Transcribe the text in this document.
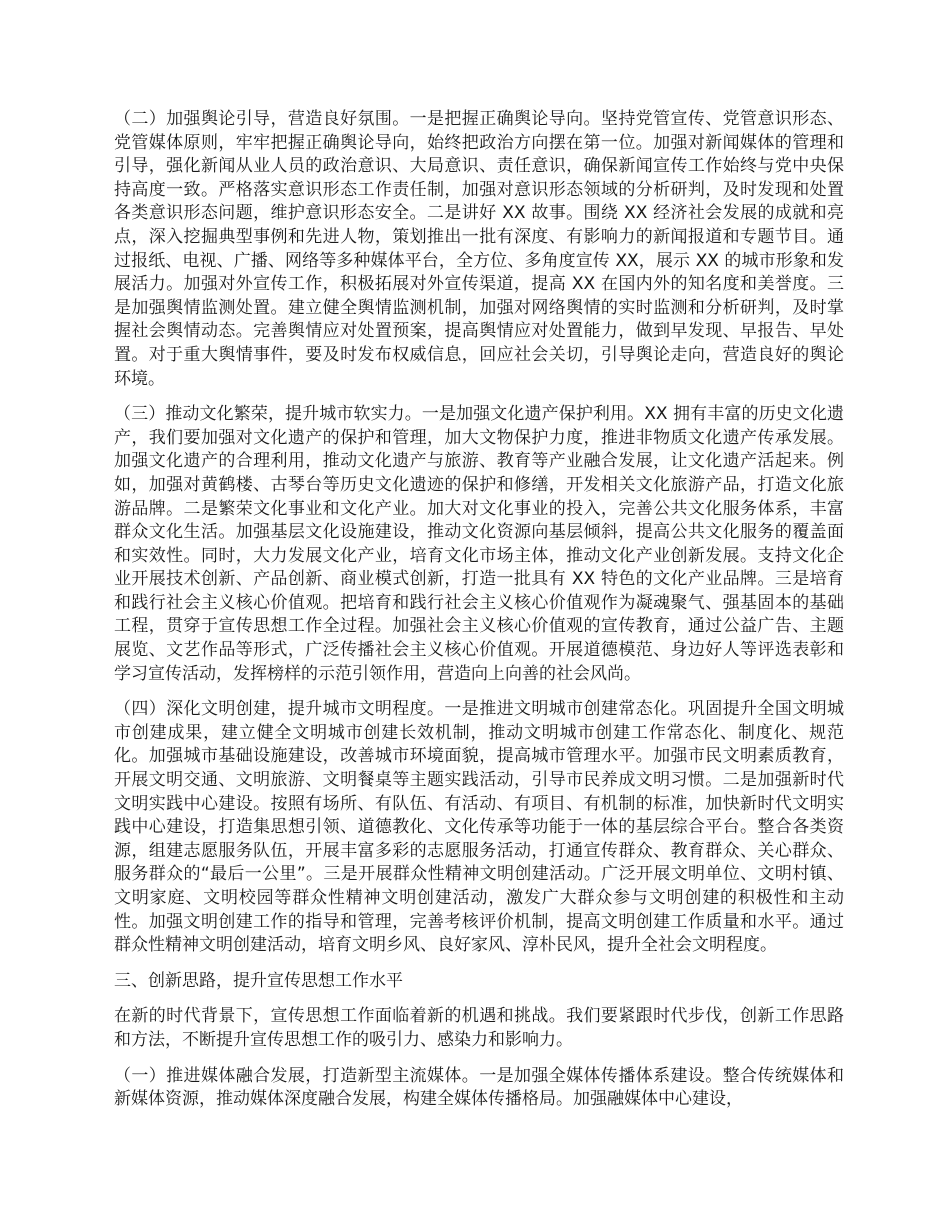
（二）加强舆论引导，营造良好氛围。一是把握正确舆论导向。坚持党管宣传、党管意识形态、党管媒体原则，牢牢把握正确舆论导向，始终把政治方向摆在第一位。加强对新闻媒体的管理和引导，强化新闻从业人员的政治意识、大局意识、责任意识，确保新闻宣传工作始终与党中央保持高度一致。严格落实意识形态工作责任制，加强对意识形态领域的分析研判，及时发现和处置各类意识形态问题，维护意识形态安全。二是讲好 XX 故事。围绕 XX 经济社会发展的成就和亮点，深入挖掘典型事例和先进人物，策划推出一批有深度、有影响力的新闻报道和专题节目。通过报纸、电视、广播、网络等多种媒体平台，全方位、多角度宣传 XX，展示 XX 的城市形象和发展活力。加强对外宣传工作，积极拓展对外宣传渠道，提高 XX 在国内外的知名度和美誉度。三是加强舆情监测处置。建立健全舆情监测机制，加强对网络舆情的实时监测和分析研判，及时掌握社会舆情动态。完善舆情应对处置预案，提高舆情应对处置能力，做到早发现、早报告、早处置。对于重大舆情事件，要及时发布权威信息，回应社会关切，引导舆论走向，营造良好的舆论环境。

（三）推动文化繁荣，提升城市软实力。一是加强文化遗产保护利用。XX 拥有丰富的历史文化遗产，我们要加强对文化遗产的保护和管理，加大文物保护力度，推进非物质文化遗产传承发展。加强文化遗产的合理利用，推动文化遗产与旅游、教育等产业融合发展，让文化遗产活起来。例如，加强对黄鹤楼、古琴台等历史文化遗迹的保护和修缮，开发相关文化旅游产品，打造文化旅游品牌。二是繁荣文化事业和文化产业。加大对文化事业的投入，完善公共文化服务体系，丰富群众文化生活。加强基层文化设施建设，推动文化资源向基层倾斜，提高公共文化服务的覆盖面和实效性。同时，大力发展文化产业，培育文化市场主体，推动文化产业创新发展。支持文化企业开展技术创新、产品创新、商业模式创新，打造一批具有 XX 特色的文化产业品牌。三是培育和践行社会主义核心价值观。把培育和践行社会主义核心价值观作为凝魂聚气、强基固本的基础工程，贯穿于宣传思想工作全过程。加强社会主义核心价值观的宣传教育，通过公益广告、主题展览、文艺作品等形式，广泛传播社会主义核心价值观。开展道德模范、身边好人等评选表彰和学习宣传活动，发挥榜样的示范引领作用，营造向上向善的社会风尚。

（四）深化文明创建，提升城市文明程度。一是推进文明城市创建常态化。巩固提升全国文明城市创建成果，建立健全文明城市创建长效机制，推动文明城市创建工作常态化、制度化、规范化。加强城市基础设施建设，改善城市环境面貌，提高城市管理水平。加强市民文明素质教育，开展文明交通、文明旅游、文明餐桌等主题实践活动，引导市民养成文明习惯。二是加强新时代文明实践中心建设。按照有场所、有队伍、有活动、有项目、有机制的标准，加快新时代文明实践中心建设，打造集思想引领、道德教化、文化传承等功能于一体的基层综合平台。整合各类资源，组建志愿服务队伍，开展丰富多彩的志愿服务活动，打通宣传群众、教育群众、关心群众、服务群众的“最后一公里”。三是开展群众性精神文明创建活动。广泛开展文明单位、文明村镇、文明家庭、文明校园等群众性精神文明创建活动，激发广大群众参与文明创建的积极性和主动性。加强文明创建工作的指导和管理，完善考核评价机制，提高文明创建工作质量和水平。通过群众性精神文明创建活动，培育文明乡风、良好家风、淳朴民风，提升全社会文明程度。

三、创新思路，提升宣传思想工作水平

在新的时代背景下，宣传思想工作面临着新的机遇和挑战。我们要紧跟时代步伐，创新工作思路和方法，不断提升宣传思想工作的吸引力、感染力和影响力。

（一）推进媒体融合发展，打造新型主流媒体。一是加强全媒体传播体系建设。整合传统媒体和新媒体资源，推动媒体深度融合发展，构建全媒体传播格局。加强融媒体中心建设，
